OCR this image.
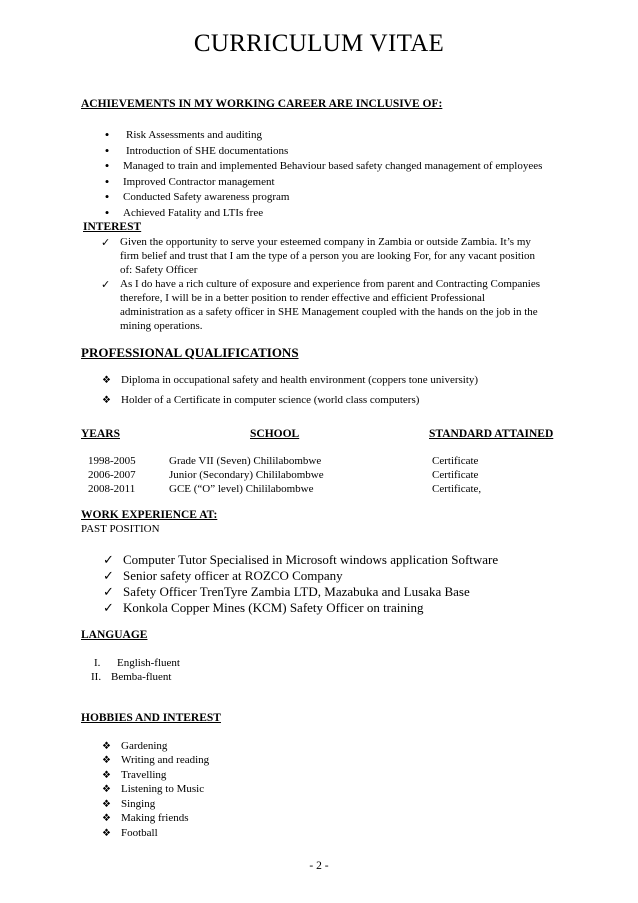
CURRICULUM VITAE
ACHIEVEMENTS IN MY WORKING CAREER ARE INCLUSIVE OF:
•	Risk Assessments and auditing
•	Introduction of SHE documentations
•	Managed to train and implemented Behaviour based safety changed management of employees
•	Improved Contractor management
•	Conducted Safety awareness program
•	Achieved Fatality and LTIs free
INTEREST
✓ Given the opportunity to serve your esteemed company in Zambia or outside Zambia. It’s my
firm belief and trust that I am the type of a person you are looking For, for any vacant position
of: Safety Officer
✓ As I do have a rich culture of exposure and experience from parent and Contracting Companies
therefore, I will be in a better position to render effective and efficient Professional
administration as a safety officer in SHE Management coupled with the hands on the job in the
mining operations.
PROFESSIONAL QUALIFICATIONS
❖ Diploma in occupational safety and health environment (coppers tone university)
❖ Holder of a Certificate in computer science (world class computers)
YEARS	SCHOOL	STANDARD ATTAINED
1998-2005	Grade VII (Seven) Chililabombwe	Certificate
2006-2007	Junior (Secondary) Chililabombwe	Certificate
2008-2011	GCE (“O” level) Chililabombwe	Certificate,
WORK EXPERIENCE AT:
PAST POSITION
✓ Computer Tutor Specialised in Microsoft windows application Software
✓ Senior safety officer at ROZCO Company
✓ Safety Officer TrenTyre Zambia LTD, Mazabuka and Lusaka Base
✓ Konkola Copper Mines (KCM) Safety Officer on training
LANGUAGE
I. English-fluent
II. Bemba-fluent
HOBBIES AND INTEREST
❖ Gardening
❖ Writing and reading
❖ Travelling
❖ Listening to Music
❖ Singing
❖ Making friends
❖ Football
- 2 -
